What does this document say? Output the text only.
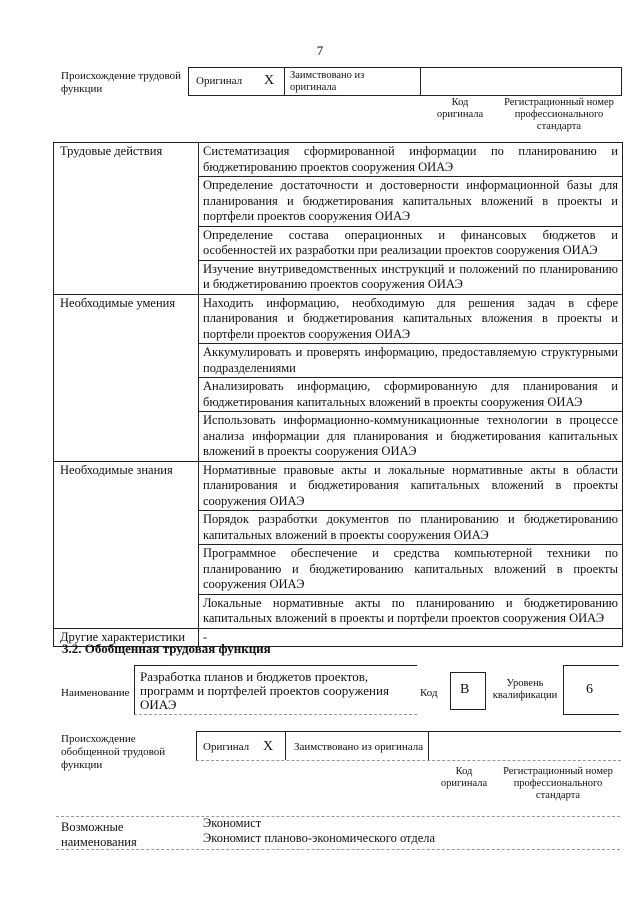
7
Происхождение трудовой функции
Оригинал X Заимствовано из оригинала
Код оригинала
Регистрационный номер профессионального стандарта
Трудовые действия	Систематизация сформированной информации по планированию и бюджетированию проектов сооружения ОИАЭ
	Определение достаточности и достоверности информационной базы для планирования и бюджетирования капитальных вложений в проекты и портфели проектов сооружения ОИАЭ
	Определение состава операционных и финансовых бюджетов и особенностей их разработки при реализации проектов сооружения ОИАЭ
	Изучение внутриведомственных инструкций и положений по планированию и бюджетированию проектов сооружения ОИАЭ
Необходимые умения	Находить информацию, необходимую для решения задач в сфере планирования и бюджетирования капитальных вложения в проекты и портфели проектов сооружения ОИАЭ
	Аккумулировать и проверять информацию, предоставляемую структурными подразделениями
	Анализировать информацию, сформированную для планирования и бюджетирования капитальных вложений в проекты сооружения ОИАЭ
	Использовать информационно-коммуникационные технологии в процессе анализа информации для планирования и бюджетирования капитальных вложений в проекты сооружения ОИАЭ
Необходимые знания	Нормативные правовые акты и локальные нормативные акты в области планирования и бюджетирования капитальных вложений в проекты сооружения ОИАЭ
	Порядок разработки документов по планированию и бюджетированию капитальных вложений в проекты сооружения ОИАЭ
	Программное обеспечение и средства компьютерной техники по планированию и бюджетированию капитальных вложений в проекты сооружения ОИАЭ
	Локальные нормативные акты по планированию и бюджетированию капитальных вложений в проекты и портфели проектов сооружения ОИАЭ
Другие характеристики	-
3.2. Обобщенная трудовая функция
Наименование
Разработка планов и бюджетов проектов, программ и портфелей проектов сооружения ОИАЭ
Код B	Уровень квалификации 6
Происхождение обобщенной трудовой функции
Оригинал X Заимствовано из оригинала
Код оригинала
Регистрационный номер профессионального стандарта
Возможные наименования
Экономист
Экономист планово-экономического отдела
